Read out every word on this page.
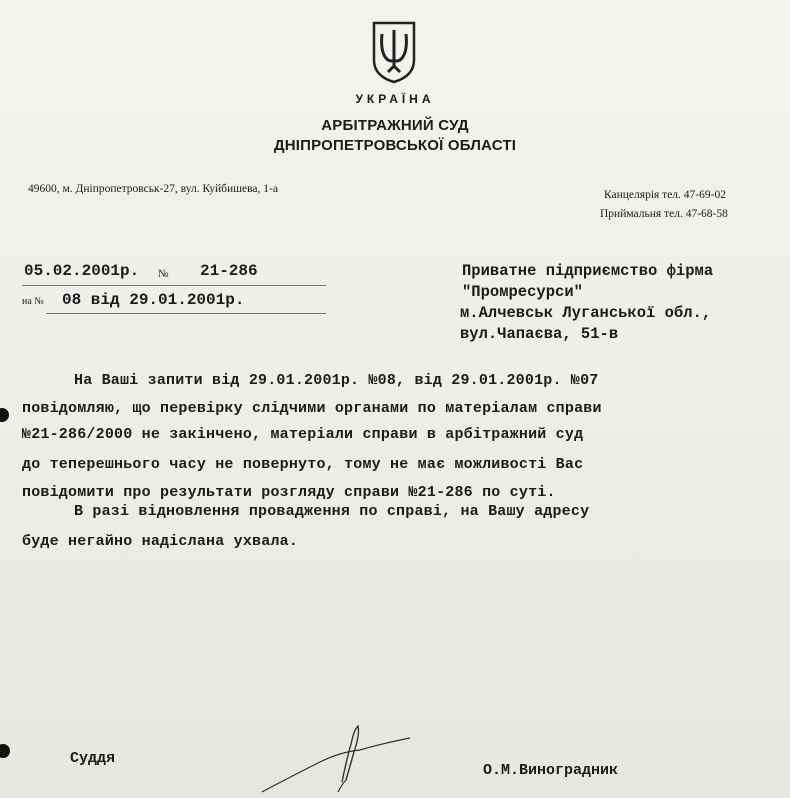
УКРАЇНА
АРБІТРАЖНИЙ СУД
ДНІПРОПЕТРОВСЬКОЇ ОБЛАСТІ
49600, м. Дніпропетровськ-27, вул. Куйбишева, 1-а	Канцелярія тел. 47-69-02
Приймальня тел. 47-68-58
05.02.2001р. № 21-286
на № 08 від 29.01.2001р.
Приватне підприємство фірма
"Промресурси"
м.Алчевськ Луганської обл.,
вул.Чапаєва, 51-в
На Ваші запити від 29.01.2001р. №08, від 29.01.2001р. №07
повідомляю, що перевірку слідчими органами по матеріалам справи
№21-286/2000 не закінчено, матеріали справи в арбітражний суд
до теперешнього часу не повернуто, тому не має можливості Вас
повідомити про результати розгляду справи №21-286 по суті.
В разі відновлення провадження по справі, на Вашу адресу
буде негайно надіслана ухвала.
Суддя
О.М.Виноградник
